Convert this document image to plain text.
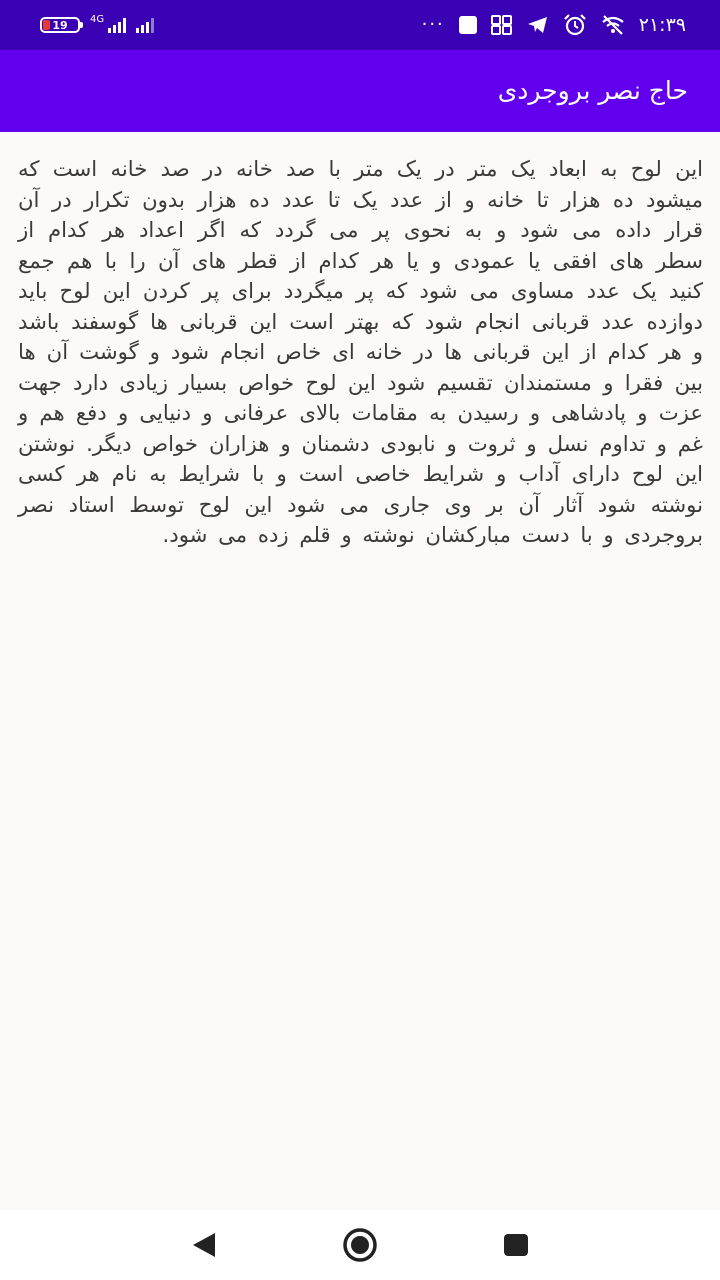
19 4G	···	۲۱:۳۹
حاج نصر بروجردی
این لوح به ابعاد یک متر در یک متر با صد خانه در صد خانه است که میشود ده هزار تا خانه و از عدد یک تا عدد ده هزار بدون تکرار در آن قرار داده می شود و به نحوی پر می گردد که اگر اعداد هر کدام از سطر های افقی یا عمودی و یا هر کدام از قطر های آن را با هم جمع کنید یک عدد مساوی می شود که پر میگردد برای پر کردن این لوح باید دوازده عدد قربانی انجام شود که بهتر است این قربانی ها گوسفند باشد و هر کدام از این قربانی ها در خانه ای خاص انجام شود و گوشت آن ها بین فقرا و مستمندان تقسیم شود این لوح خواص بسیار زیادی دارد جهت عزت و پادشاهی و رسیدن به مقامات بالای عرفانی و دنیایی و دفع هم و غم و تداوم نسل و ثروت و نابودی دشمنان و هزاران خواص دیگر. نوشتن این لوح دارای آداب و شرایط خاصی است و با شرایط به نام هر کسی نوشته شود آثار آن بر وی جاری می شود این لوح توسط استاد نصر بروجردی و با دست مبارکشان نوشته و قلم زده می شود.
